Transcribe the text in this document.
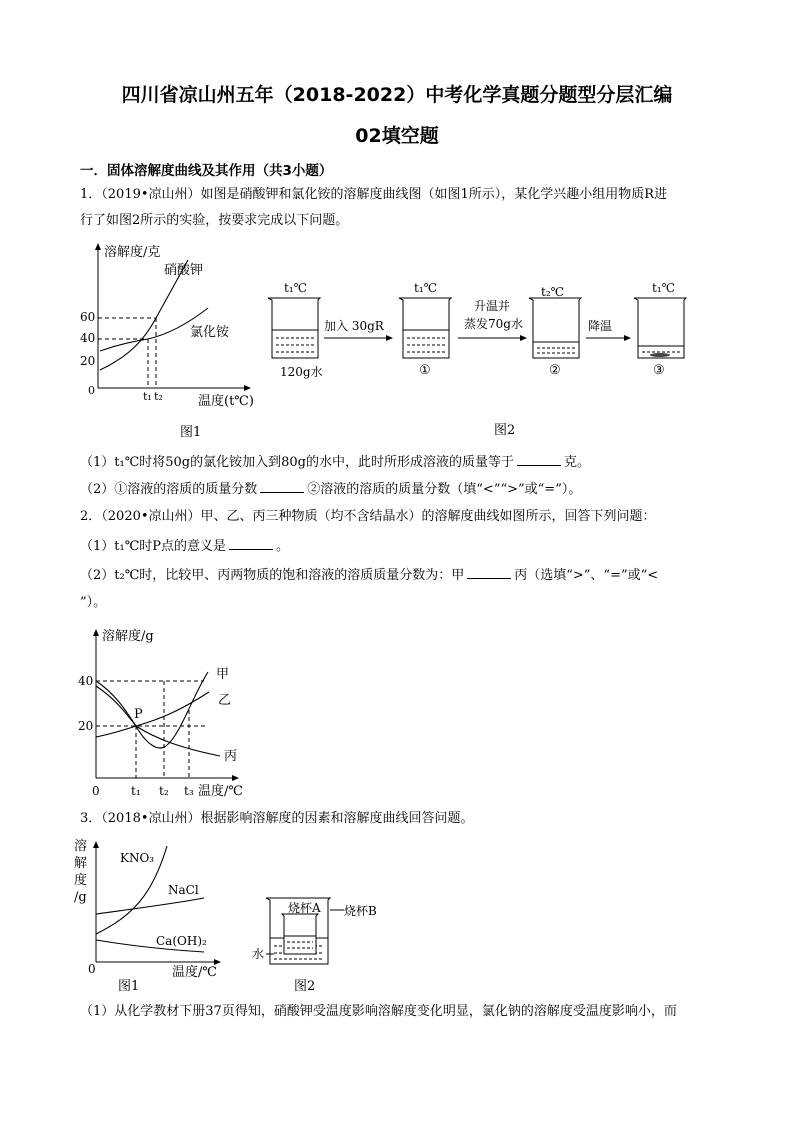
四川省凉山州五年（2018-2022）中考化学真题分题型分层汇编
02填空题
一．固体溶解度曲线及其作用（共3小题）
1．（2019•凉山州）如图是硝酸钾和氯化铵的溶解度曲线图（如图1所示），某化学兴趣小组用物质R进
行了如图2所示的实验，按要求完成以下问题。
溶解度/克
0
60
40
20
硝酸钾
氯化铵
t₁ t₂	温度(t℃)
图1
t₁℃	t₁℃	t₂℃	t₁℃
120g水
加入 30gR
①
升温并
蒸发70g水
②
降温
③
图2
（1）t₁℃时将50g的氯化铵加入到80g的水中，此时所形成溶液的质量等于	克。
（2）①溶液的溶质的质量分数	②溶液的溶质的质量分数（填“<”“>”或“=”）。
2．（2020•凉山州）甲、乙、丙三种物质（均不含结晶水）的溶解度曲线如图所示，回答下列问题：
（1）t₁℃时P点的意义是	。
（2）t₂℃时，比较甲、丙两物质的饱和溶液的溶质质量分数为：甲	丙（选填“>”、“=”或“<
”）。
溶解度/g
40
20
0
P
甲
乙
丙
t₁ t₂ t₃ 温度/℃
3．（2018•凉山州）根据影响溶解度的因素和溶解度曲线回答问题。
溶
解
度
/g
KNO₃
NaCl
Ca(OH)₂
0	温度/℃
图1
烧杯A 烧杯B
水
图2
（1）从化学教材下册37页得知，硝酸钾受温度影响溶解度变化明显，氯化钠的溶解度受温度影响小，而
